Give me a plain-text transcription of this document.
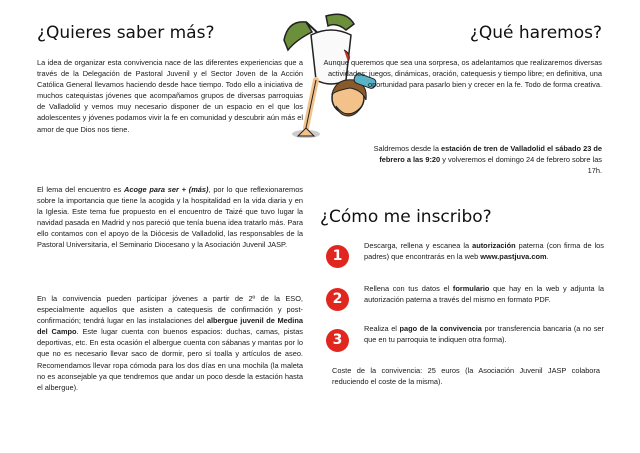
¿Quieres saber más?

La idea de organizar esta convivencia nace de las diferentes experiencias que a través de la Delegación de Pastoral Juvenil y el Sector Joven de la Acción Católica General llevamos haciendo desde hace tiempo. Todo ello a iniciativa de muchos catequistas jóvenes que acompañamos grupos de diversas parroquias de Valladolid y vemos muy necesario disponer de un espacio en el que los adolescentes y jóvenes podamos vivir la fe en comunidad y descubrir aún más el amor de que Dios nos tiene.

El lema del encuentro es Acoge para ser + (más), por lo que reflexionaremos sobre la importancia que tiene la acogida y la hospitalidad en la vida diaria y en la Iglesia. Este tema fue propuesto en el encuentro de Taizé que tuvo lugar la navidad pasada en Madrid y nos pareció que tenía buena idea tratarlo más. Para ello contamos con el apoyo de la Diócesis de Valladolid, las responsables de la Pastoral Universitaria, el Seminario Diocesano y la Asociación Juvenil JASP.

En la convivencia pueden participar jóvenes a partir de 2º de la ESO, especialmente aquellos que asisten a catequesis de confirmación y post-confirmación; tendrá lugar en las instalaciones del albergue juvenil de Medina del Campo. Este lugar cuenta con buenos espacios: duchas, camas, pistas deportivas, etc. En esta ocasión el albergue cuenta con sábanas y mantas por lo que no es necesario llevar saco de dormir, pero sí toalla y artículos de aseo. Recomendamos llevar ropa cómoda para los dos días en una mochila (la maleta no es aconsejable ya que tendremos que andar un poco desde la estación hasta el albergue).

¿Qué haremos?

Aunque queremos que sea una sorpresa, os adelantamos que realizaremos diversas actividades: juegos, dinámicas, oración, catequesis y tiempo libre; en definitiva, una oportunidad para pasarlo bien y crecer en la fe. Todo de forma creativa.

Saldremos desde la estación de tren de Valladolid el sábado 23 de febrero a las 9:20 y volveremos el domingo 24 de febrero sobre las 17h.

¿Cómo me inscribo?
1

Descarga, rellena y escanea la autorización paterna (con firma de los padres) que encontrarás en la web www.pastjuva.com.

2

Rellena con tus datos el formulario que hay en la web y adjunta la autorización paterna a través del mismo en formato PDF.

3

Realiza el pago de la convivencia por transferencia bancaria (a no ser que en tu parroquia te indiquen otra forma).

Coste de la convivencia: 25 euros (la Asociación Juvenil JASP colabora reduciendo el coste de la misma).
